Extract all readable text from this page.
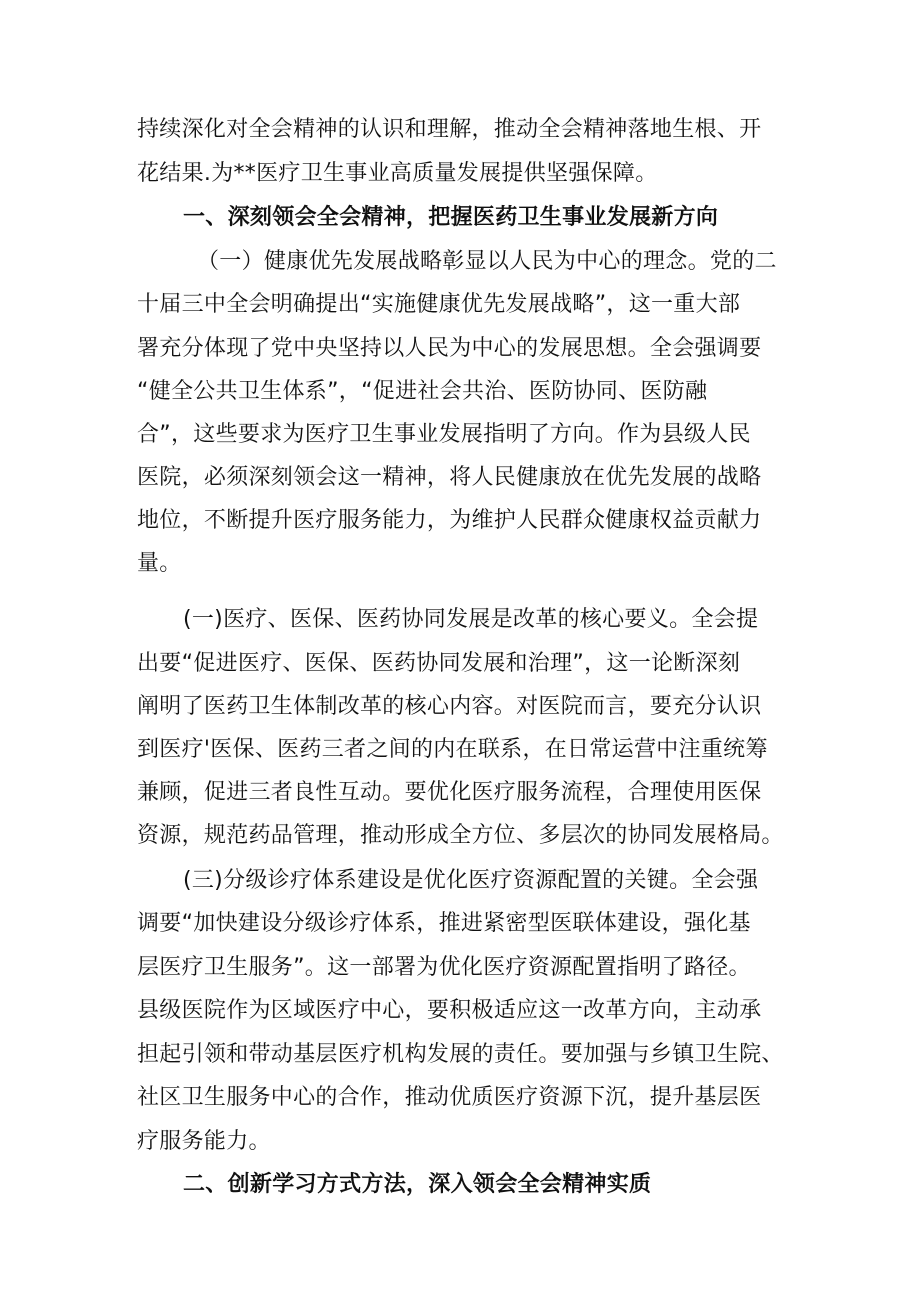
持续深化对全会精神的认识和理解，推动全会精神落地生根、开

花结果.为**医疗卫生事业高质量发展提供坚强保障。

一、深刻领会全会精神，把握医药卫生事业发展新方向

（一）健康优先发展战略彰显以人民为中心的理念。党的二

十届三中全会明确提出“实施健康优先发展战略”，这一重大部

署充分体现了党中央坚持以人民为中心的发展思想。全会强调要

“健全公共卫生体系”，“促进社会共治、医防协同、医防融

合”，这些要求为医疗卫生事业发展指明了方向。作为县级人民

医院，必须深刻领会这一精神，将人民健康放在优先发展的战略

地位，不断提升医疗服务能力，为维护人民群众健康权益贡献力

量。

(一)医疗、医保、医药协同发展是改革的核心要义。全会提

出要“促进医疗、医保、医药协同发展和治理”，这一论断深刻

阐明了医药卫生体制改革的核心内容。对医院而言，要充分认识

到医疗'医保、医药三者之间的内在联系，在日常运营中注重统筹

兼顾，促进三者良性互动。要优化医疗服务流程，合理使用医保

资源，规范药品管理，推动形成全方位、多层次的协同发展格局。

(三)分级诊疗体系建设是优化医疗资源配置的关键。全会强

调要“加快建设分级诊疗体系，推进紧密型医联体建设，强化基

层医疗卫生服务”。这一部署为优化医疗资源配置指明了路径。

县级医院作为区域医疗中心，要积极适应这一改革方向，主动承

担起引领和带动基层医疗机构发展的责任。要加强与乡镇卫生院、

社区卫生服务中心的合作，推动优质医疗资源下沉，提升基层医

疗服务能力。

二、创新学习方式方法，深入领会全会精神实质
